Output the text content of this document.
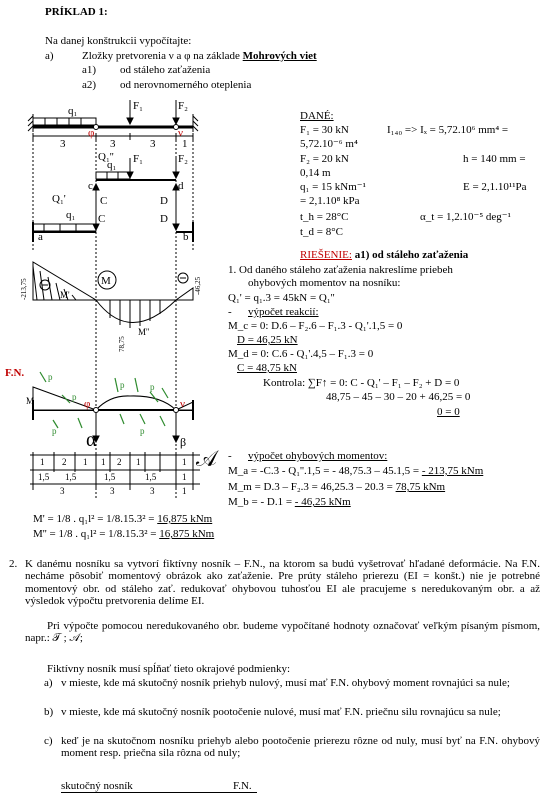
PRÍKLAD 1:
Na danej konštrukcii vypočítajte:
a)	Zložky pretvorenia ν a φ na základe Mohrových viet
a1) od stáleho zaťaženia
a2) od nerovnomerného oteplenia
DANÉ:
F₁ = 30 kN	I₁₄₀ => Iₓ = 5,72.10⁶ mm⁴ =
5,72.10⁻⁶ m⁴
F₂ = 20 kN	h = 140 mm =
0,14 m
q₁ = 15 kNm⁻¹	E = 2,1.10¹¹Pa
= 2,1.10⁸ kPa
t_h = 28°C	α_t = 1,2.10⁻⁵ deg⁻¹
t_d = 8°C
RIEŠENIE: a1) od stáleho zaťaženia
1. Od daného stáleho zaťaženia nakreslíme priebeh
ohybových momentov na nosníku:
Q₁' = q₁.3 = 45kN = Q₁''
- výpočet reakcií:
M_c = 0: D.6 – F₂.6 – F₁.3 - Q₁'.1,5 = 0
D = 46,25 kN
M_d = 0: C.6 - Q₁'.4,5 – F₁.3 = 0
C = 48,75 kN
Kontrola: ∑F↑ = 0: C - Q₁' – F₁ – F₂ + D = 0
48,75 – 45 – 30 – 20 + 46,25 = 0
0 = 0
- výpočet ohybových momentov:
M_a = -C.3 - Q₁''.1,5 = - 48,75.3 – 45.1,5 = - 213,75 kNm
M_m = D.3 – F₂.3 = 46,25.3 – 20.3 = 78,75 kNm
M_b = - D.1 = - 46,25 kNm
M' = 1/8 . q₁l² = 1/8.15.3² = 16,875 kNm
M'' = 1/8 . q₁l² = 1/8.15.3² = 16,875 kNm
2. K danému nosníku sa vytvorí fiktívny nosník – F.N., na ktorom sa budú vyšetrovať hľadané deformácie. Na F.N. necháme pôsobiť momentový obrázok ako zaťaženie. Pre prúty stáleho prierezu (EI = konšt.) nie je potrebné momentový obr. od stáleho zať. redukovať ohybovou tuhosťou EI ale pracujeme s neredukovaným obr. a až výsledok výpočtu pretvorenia delíme EI.
Pri výpočte pomocou neredukovaného obr. budeme vypočítané hodnoty označovať veľkým písaným písmom, napr.: 𝒯 ; 𝒜;
Fiktívny nosník musí spĺňať tieto okrajové podmienky:
a) v mieste, kde má skutočný nosník priehyb nulový, musí mať F.N. ohybový moment rovnajúci sa nule;
b) v mieste, kde má skutočný nosník pootočenie nulové, musí mať F.N. priečnu silu rovnajúcu sa nule;
c) keď je na skutočnom nosníku priehyb alebo pootočenie prierezu rôzne od nuly, musí byť na F.N. ohybový moment resp. priečna sila rôzna od nuly;
skutočný nosník	F.N.
q₁	F₁	F₂
3	3	3 1
φ	ν
Q₁''
q₁ F₁	F₂
c	d
C	D
Q₁'
q₁ C	D
a	b
M
-213,75
78,75
-46,25
M'
M''
F.N.
M	φ	ν
α	β
𝒜
1 2 1 1 2 1	1
1,5 1,5	1,5	1,5	1
3	3	3	1
p
p
p	p
p	p
